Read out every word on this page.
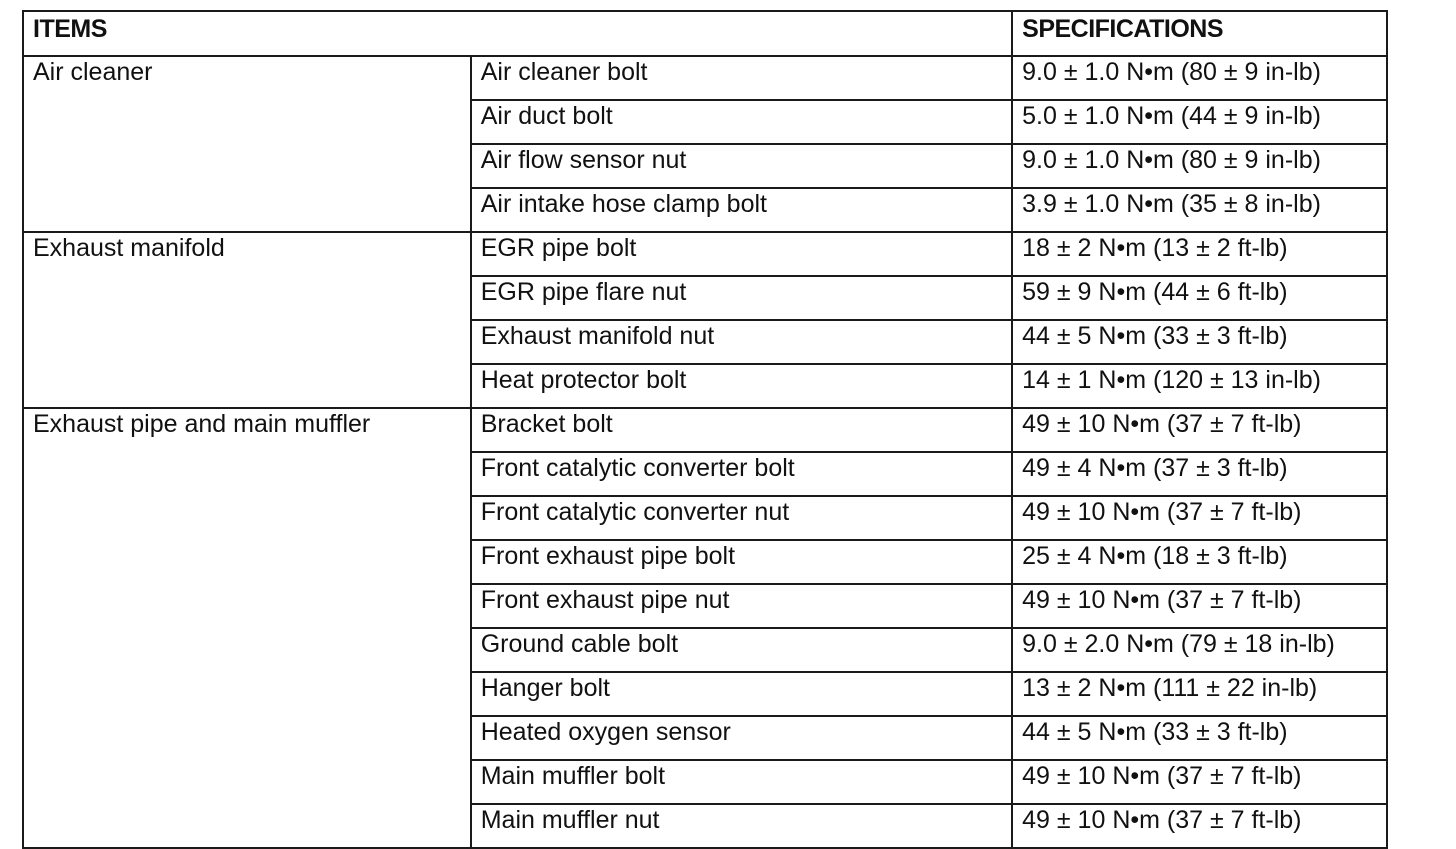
ITEMS		SPECIFICATIONS
Air cleaner	Air cleaner bolt	9.0 ± 1.0 N•m (80 ± 9 in-lb)
	Air duct bolt	5.0 ± 1.0 N•m (44 ± 9 in-lb)
	Air flow sensor nut	9.0 ± 1.0 N•m (80 ± 9 in-lb)
	Air intake hose clamp bolt	3.9 ± 1.0 N•m (35 ± 8 in-lb)
Exhaust manifold	EGR pipe bolt	18 ± 2 N•m (13 ± 2 ft-lb)
	EGR pipe flare nut	59 ± 9 N•m (44 ± 6 ft-lb)
	Exhaust manifold nut	44 ± 5 N•m (33 ± 3 ft-lb)
	Heat protector bolt	14 ± 1 N•m (120 ± 13 in-lb)
Exhaust pipe and main muffler	Bracket bolt	49 ± 10 N•m (37 ± 7 ft-lb)
	Front catalytic converter bolt	49 ± 4 N•m (37 ± 3 ft-lb)
	Front catalytic converter nut	49 ± 10 N•m (37 ± 7 ft-lb)
	Front exhaust pipe bolt	25 ± 4 N•m (18 ± 3 ft-lb)
	Front exhaust pipe nut	49 ± 10 N•m (37 ± 7 ft-lb)
	Ground cable bolt	9.0 ± 2.0 N•m (79 ± 18 in-lb)
	Hanger bolt	13 ± 2 N•m (111 ± 22 in-lb)
	Heated oxygen sensor	44 ± 5 N•m (33 ± 3 ft-lb)
	Main muffler bolt	49 ± 10 N•m (37 ± 7 ft-lb)
	Main muffler nut	49 ± 10 N•m (37 ± 7 ft-lb)
